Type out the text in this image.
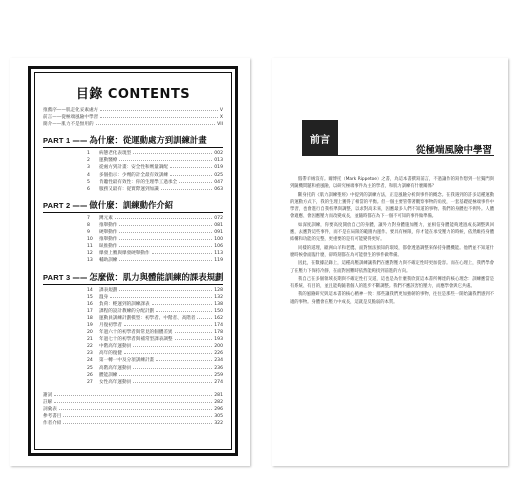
目錄 CONTENTS
推薦序——肌走化妥素處方	V
前言——從極端風險中學習	X
簡介——肌力不是無用的	VII
PART 1 —— 為什麼：從運動處方到訓練計畫
1	病態老化表現型	002
2	運動醫療	013
3	從處方到計畫：安全性和劑量調配	019
4	多個指示：少劑的計全最有效訓練	025
5	肯聽性最有效性：你的生理學工過承全	047
6	服務又最有：從實際運到加識	063
PART 2 —— 做什麼：訓練動作介紹
7	蹲元素	072
8	推舉動作	081
9	硬舉動作	091
10	推舉動作	100
11	臥推動作	106
12	爆發上膊與爆發硬舉動作	113
13	輔助訓練	119
PART 3 —— 怎麼做：肌力與體能訓練的課表規劃
14	課表規劃	128
15	溫身	132
16	負荷：輕運到的訓練課表	138
17	課程的設計教練的分配計劃	150
18	運動員訓練計劃模型：初學者、中階者、高階者	162
19	月復初學者	174
20	年過六十的初學者與常見的個體差異	178
21	年過七十的初學者與補常型課表調整	193
22	中階高年運動員	200
23	高年的復健	226
24	第一轉一中及分項訓練計畫	234
25	高階高年運動員	236
26	體能訓練	259
27	女性高年運動員	274
謝詞	281
註解	282
詞彙表	296
參考書目	305
作者介紹	322
前言
從極端風險中學習

假帶羊絨沒有。爾博托（Mark Rippetoe）之書，為這本書撰寫前言，不過讓作的寫作想到一位獨門與到隨機問題和重風險，以研究極端事件為主的學者，和肌力訓練有什麼關係？

斷身托的《肌力訓練聖經》中提到的訓練方法，正是風險分析與事件的概念。在我遇到的許多這種運動的運動方式下，我的生理上獲得了相當的平衡。但一個主要管帶著觀察事物的角度，一套基礎從極端事件中學習，也會進行自我校準與調整，以求對高未來，因應最多人們不知道的事物。我們的身體也不例外。人體會適應、會因應壓力而改變成長，並隨時都在為下一個不可知的事件做準備。

如深度訓練，你要高度開放自己的身體，讓外力對身體施加壓力，並相信身體能夠透過成長調整與回應，去應對這些事件，而不是在局限的範圍內運作。要具有極限，你才能在承受壓力的時候，依然維持身體結構和功能的完整，更重要的是有可能變得更好。

同樣的道理，歐洲山羊和老鷹，面對無法預知的環境，都會透過調整來保持身體機能。他們並不知道什麼時候會面臨什麼，卻時刻都在為可能發生的事件做準備。

因此，在數據記錄上，這種高壓訓練讓我們在應對壓力與不確定性時更加從容。而在心理上，我們學會了在壓力下保持冷靜，在面對困難時依然能夠找到前進的方向。

我自己在多個領域長期與不確定性打交道，這也是為什麼我欣賞這本書所傳達的核心理念：訓練應當是有系統、有目的，並且能夠隨著個人的進步不斷調整。我們不應該害怕壓力，而應學會與它共處。

我的風險研究與這本書的核心精神一致：那些讓我們更加強韌的事物，往往是那些一開始讓我們感到不適的事物。身體會在壓力中成長，這就是反脆弱的本質。
